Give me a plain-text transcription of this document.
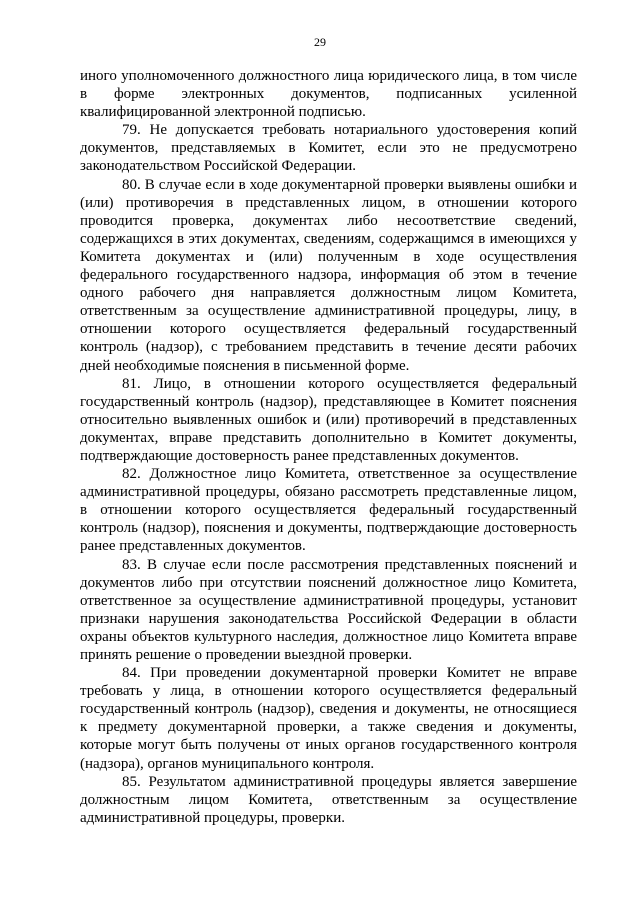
29

иного уполномоченного должностного лица юридического лица, в том числе в форме электронных документов, подписанных усиленной квалифицированной электронной подписью.

79. Не допускается требовать нотариального удостоверения копий документов, представляемых в Комитет, если это не предусмотрено законодательством Российской Федерации.

80. В случае если в ходе документарной проверки выявлены ошибки и (или) противоречия в представленных лицом, в отношении которого проводится проверка, документах либо несоответствие сведений, содержащихся в этих документах, сведениям, содержащимся в имеющихся у Комитета документах и (или) полученным в ходе осуществления федерального государственного надзора, информация об этом в течение одного рабочего дня направляется должностным лицом Комитета, ответственным за осуществление административной процедуры, лицу, в отношении которого осуществляется федеральный государственный контроль (надзор), с требованием представить в течение десяти рабочих дней необходимые пояснения в письменной форме.

81. Лицо, в отношении которого осуществляется федеральный государственный контроль (надзор), представляющее в Комитет пояснения относительно выявленных ошибок и (или) противоречий в представленных документах, вправе представить дополнительно в Комитет документы, подтверждающие достоверность ранее представленных документов.

82. Должностное лицо Комитета, ответственное за осуществление административной процедуры, обязано рассмотреть представленные лицом, в отношении которого осуществляется федеральный государственный контроль (надзор), пояснения и документы, подтверждающие достоверность ранее представленных документов.

83. В случае если после рассмотрения представленных пояснений и документов либо при отсутствии пояснений должностное лицо Комитета, ответственное за осуществление административной процедуры, установит признаки нарушения законодательства Российской Федерации в области охраны объектов культурного наследия, должностное лицо Комитета вправе принять решение о проведении выездной проверки.

84. При проведении документарной проверки Комитет не вправе требовать у лица, в отношении которого осуществляется федеральный государственный контроль (надзор), сведения и документы, не относящиеся к предмету документарной проверки, а также сведения и документы, которые могут быть получены от иных органов государственного контроля (надзора), органов муниципального контроля.

85. Результатом административной процедуры является завершение должностным лицом Комитета, ответственным за осуществление административной процедуры, проверки.
